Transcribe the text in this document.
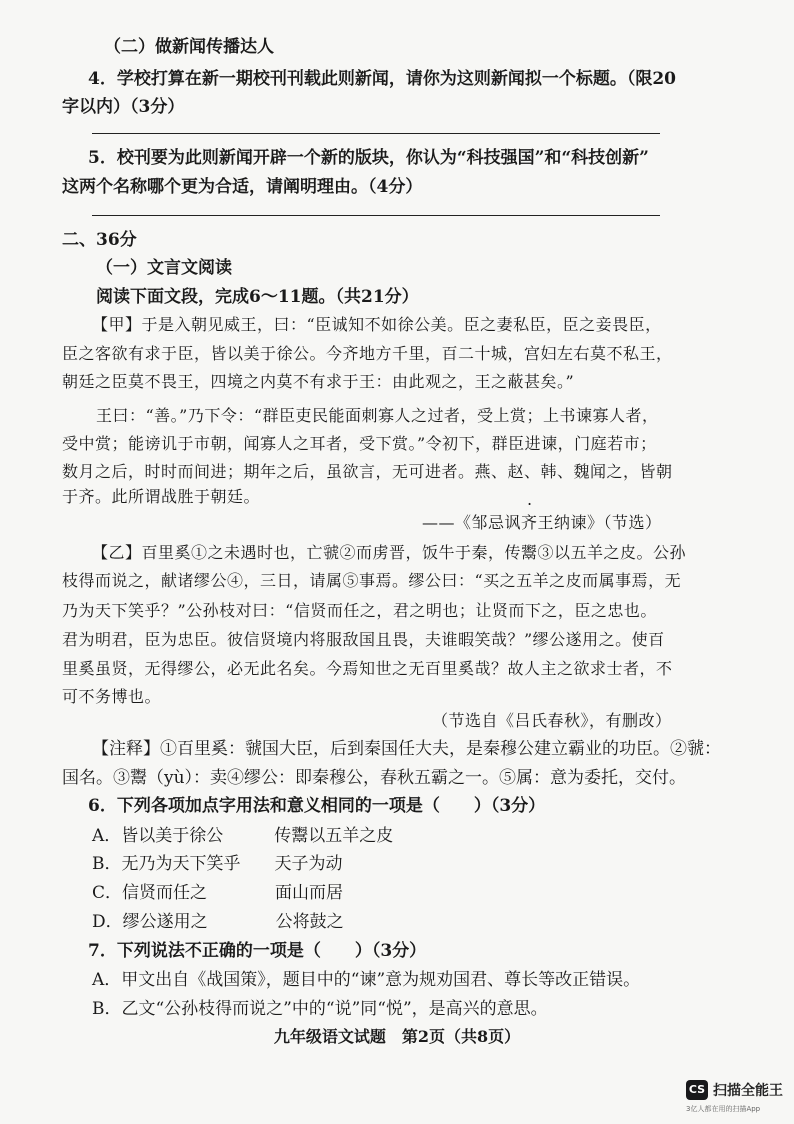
（二）做新闻传播达人
4．学校打算在新一期校刊刊载此则新闻，请你为这则新闻拟一个标题。（限20
字以内）（3分）
5．校刊要为此则新闻开辟一个新的版块，你认为“科技强国”和“科技创新”
这两个名称哪个更为合适，请阐明理由。（4分）
二、36分
（一）文言文阅读
阅读下面文段，完成6～11题。（共21分）
【甲】于是入朝见威王，曰：“臣诚知不如徐公美。臣之妻私臣，臣之妾畏臣，
臣之客欲有求于臣，皆以美于徐公。今齐地方千里，百二十城，宫妇左右莫不私王，
朝廷之臣莫不畏王，四境之内莫不有求于王：由此观之，王之蔽甚矣。”
王曰：“善。”乃下令：“群臣吏民能面刺寡人之过者，受上赏；上书谏寡人者，
受中赏；能谤讥于市朝，闻寡人之耳者，受下赏。”令初下，群臣进谏，门庭若市；
数月之后，时时而间进；期年之后，虽欲言，无可进者。燕、赵、韩、魏闻之，皆朝
于齐。此所谓战胜于朝廷。	.
——《邹忌讽齐王纳谏》（节选）
【乙】百里奚①之未遇时也，亡虢②而虏晋，饭牛于秦，传鬻③以五羊之皮。公孙
枝得而说之，献诸缪公④，三日，请属⑤事焉。缪公曰：“买之五羊之皮而属事焉，无
乃为天下笑乎？”公孙枝对曰：“信贤而任之，君之明也；让贤而下之，臣之忠也。
君为明君，臣为忠臣。彼信贤境内将服敌国且畏，夫谁暇笑哉？”缪公遂用之。使百
里奚虽贤，无得缪公，必无此名矣。今焉知世之无百里奚哉？故人主之欲求士者，不
可不务博也。
（节选自《吕氏春秋》，有删改）
【注释】①百里奚：虢国大臣，后到秦国任大夫，是秦穆公建立霸业的功臣。②虢：
国名。③鬻（yù）：卖④缪公：即秦穆公，春秋五霸之一。⑤属：意为委托，交付。
6．下列各项加点字用法和意义相同的一项是（　　）（3分）
A．皆以美于徐公　　　传鬻以五羊之皮
B．无乃为天下笑乎　　天子为动
C．信贤而任之　　　　面山而居
D．缪公遂用之　　　　公将鼓之
7．下列说法不正确的一项是（　　）（3分）
A．甲文出自《战国策》，题目中的“谏”意为规劝国君、尊长等改正错误。
B．乙文“公孙枝得而说之”中的“说”同“悦”，是高兴的意思。
九年级语文试题　第2页（共8页）
CS 扫描全能王
3亿人都在用的扫描App
